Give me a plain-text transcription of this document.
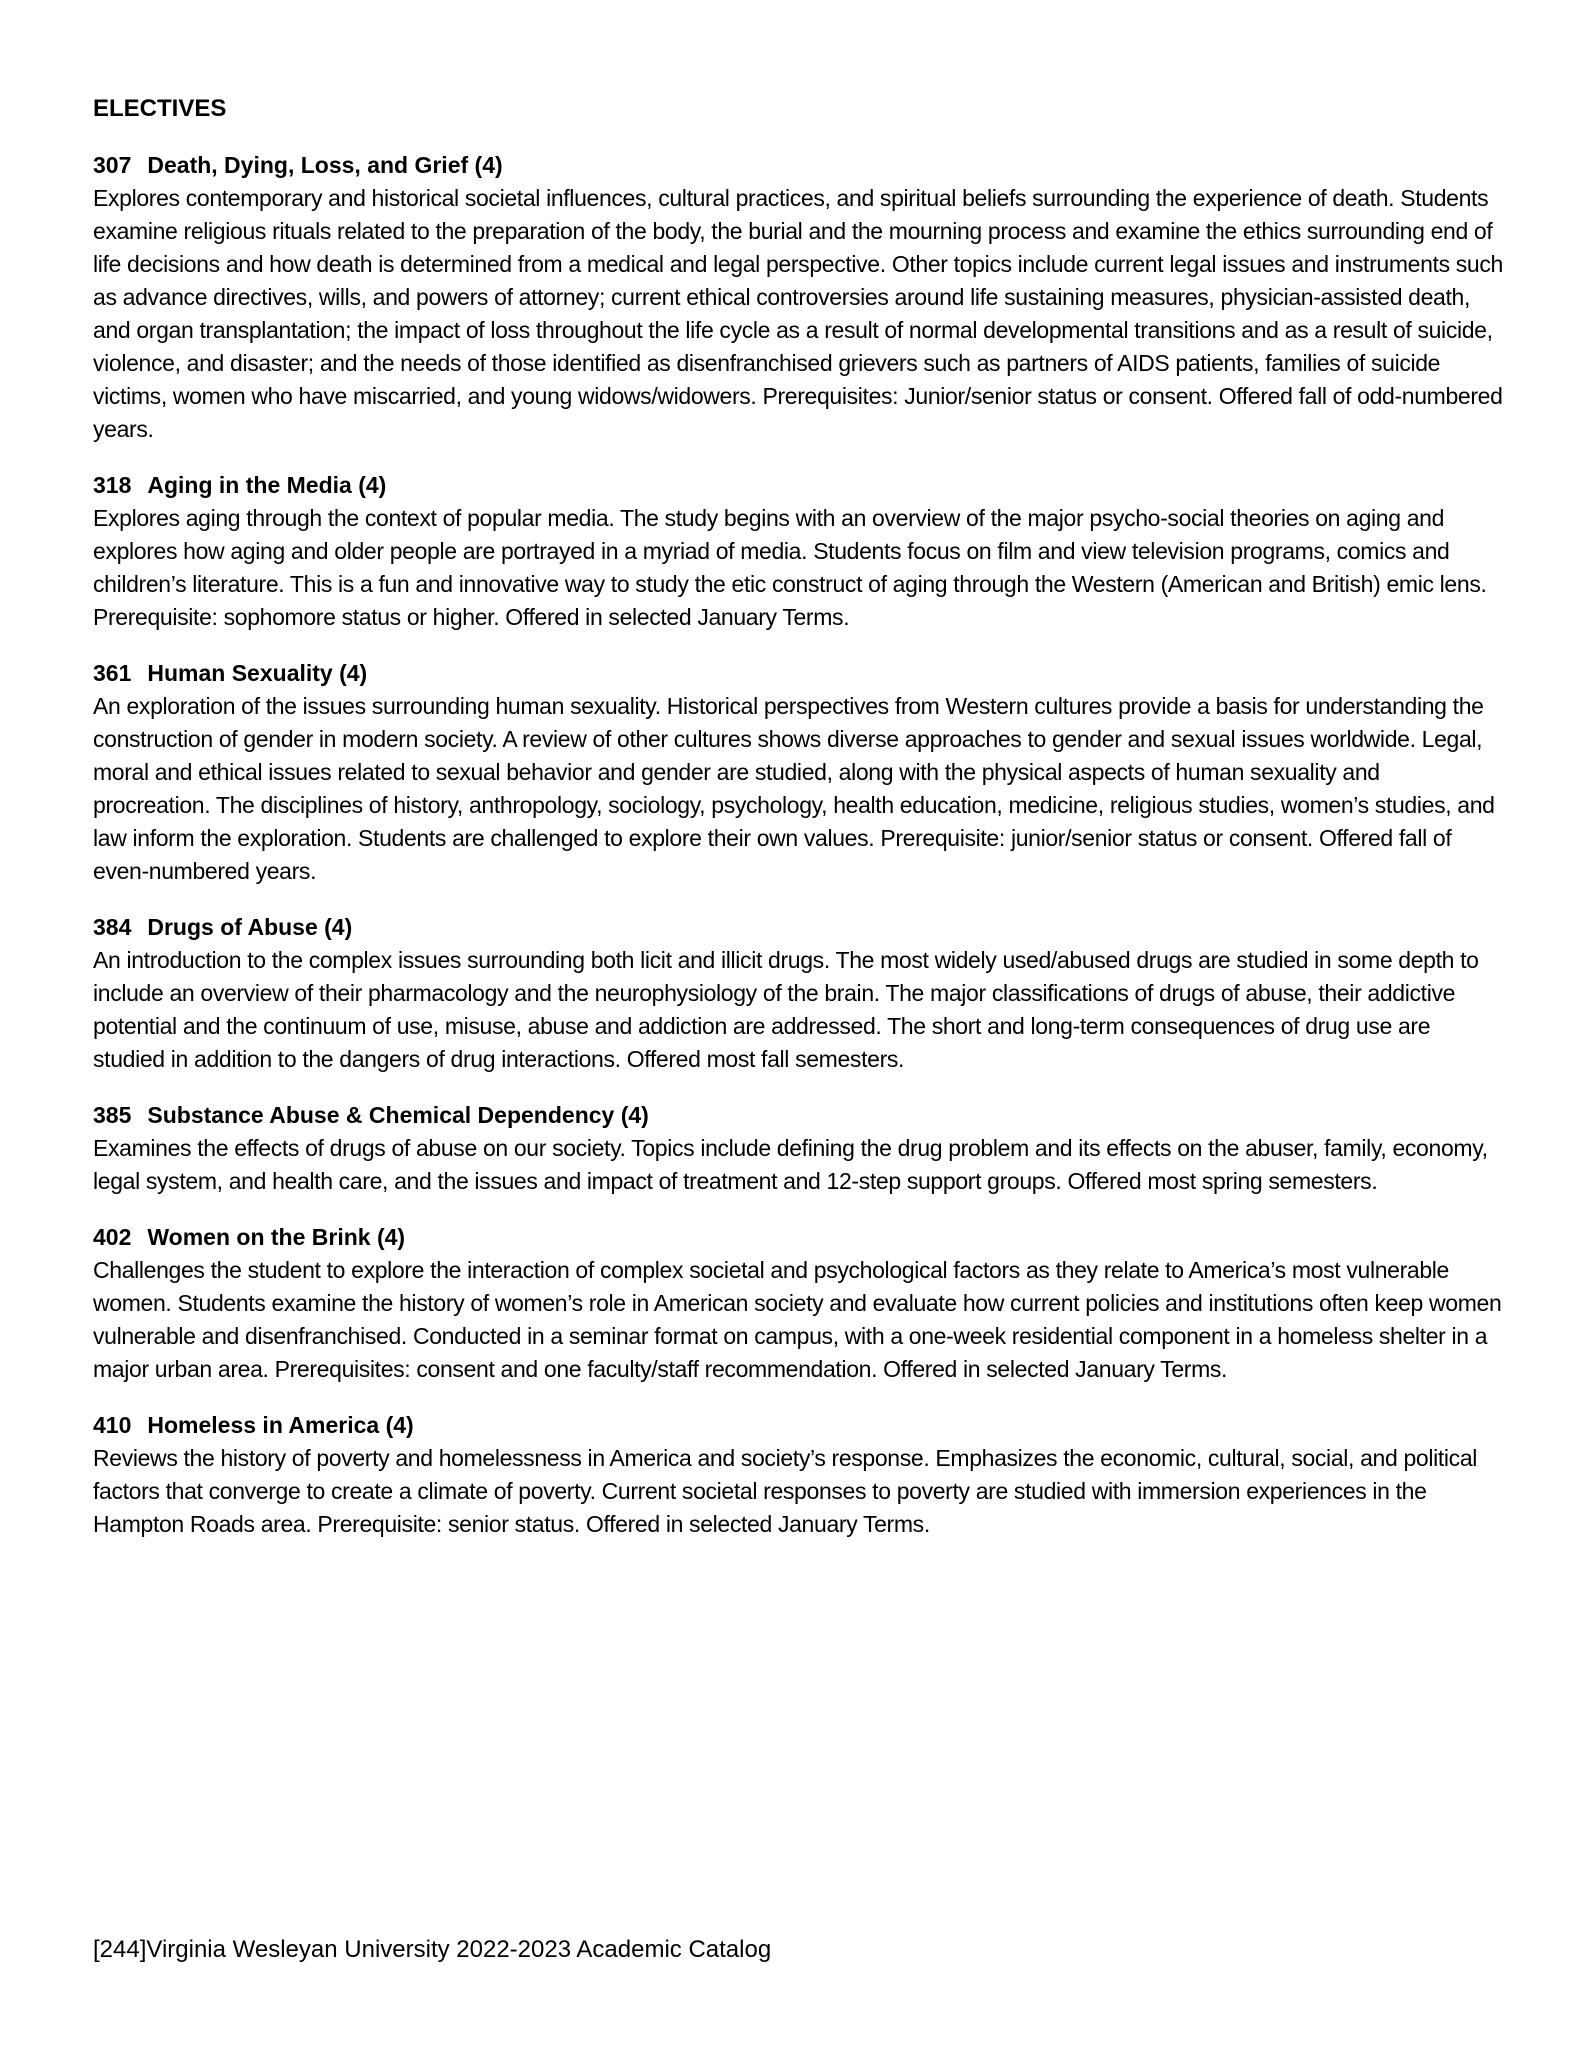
ELECTIVES

307 Death, Dying, Loss, and Grief (4)

Explores contemporary and historical societal influences, cultural practices, and spiritual beliefs surrounding the experience of death. Students examine religious rituals related to the preparation of the body, the burial and the mourning process and examine the ethics surrounding end of life decisions and how death is determined from a medical and legal perspective. Other topics include current legal issues and instruments such as advance directives, wills, and powers of attorney; current ethical controversies around life sustaining measures, physician-assisted death, and organ transplantation; the impact of loss throughout the life cycle as a result of normal developmental transitions and as a result of suicide, violence, and disaster; and the needs of those identified as disenfranchised grievers such as partners of AIDS patients, families of suicide victims, women who have miscarried, and young widows/widowers. Prerequisites: Junior/senior status or consent. Offered fall of odd-numbered years.

318 Aging in the Media (4)

Explores aging through the context of popular media. The study begins with an overview of the major psycho-social theories on aging and explores how aging and older people are portrayed in a myriad of media. Students focus on film and view television programs, comics and children’s literature. This is a fun and innovative way to study the etic construct of aging through the Western (American and British) emic lens. Prerequisite: sophomore status or higher. Offered in selected January Terms.

361 Human Sexuality (4)

An exploration of the issues surrounding human sexuality. Historical perspectives from Western cultures provide a basis for understanding the construction of gender in modern society. A review of other cultures shows diverse approaches to gender and sexual issues worldwide. Legal, moral and ethical issues related to sexual behavior and gender are studied, along with the physical aspects of human sexuality and procreation. The disciplines of history, anthropology, sociology, psychology, health education, medicine, religious studies, women’s studies, and law inform the exploration. Students are challenged to explore their own values. Prerequisite: junior/senior status or consent. Offered fall of even-numbered years.

384 Drugs of Abuse (4)

An introduction to the complex issues surrounding both licit and illicit drugs. The most widely used/abused drugs are studied in some depth to include an overview of their pharmacology and the neurophysiology of the brain. The major classifications of drugs of abuse, their addictive potential and the continuum of use, misuse, abuse and addiction are addressed. The short and long-term consequences of drug use are studied in addition to the dangers of drug interactions. Offered most fall semesters.

385 Substance Abuse & Chemical Dependency (4)

Examines the effects of drugs of abuse on our society. Topics include defining the drug problem and its effects on the abuser, family, economy, legal system, and health care, and the issues and impact of treatment and 12-step support groups. Offered most spring semesters.

402 Women on the Brink (4)

Challenges the student to explore the interaction of complex societal and psychological factors as they relate to America’s most vulnerable women. Students examine the history of women’s role in American society and evaluate how current policies and institutions often keep women vulnerable and disenfranchised. Conducted in a seminar format on campus, with a one-week residential component in a homeless shelter in a major urban area. Prerequisites: consent and one faculty/staff recommendation. Offered in selected January Terms.

410 Homeless in America (4)

Reviews the history of poverty and homelessness in America and society’s response. Emphasizes the economic, cultural, social, and political factors that converge to create a climate of poverty. Current societal responses to poverty are studied with immersion experiences in the Hampton Roads area. Prerequisite: senior status. Offered in selected January Terms.

[244]Virginia Wesleyan University 2022-2023 Academic Catalog
